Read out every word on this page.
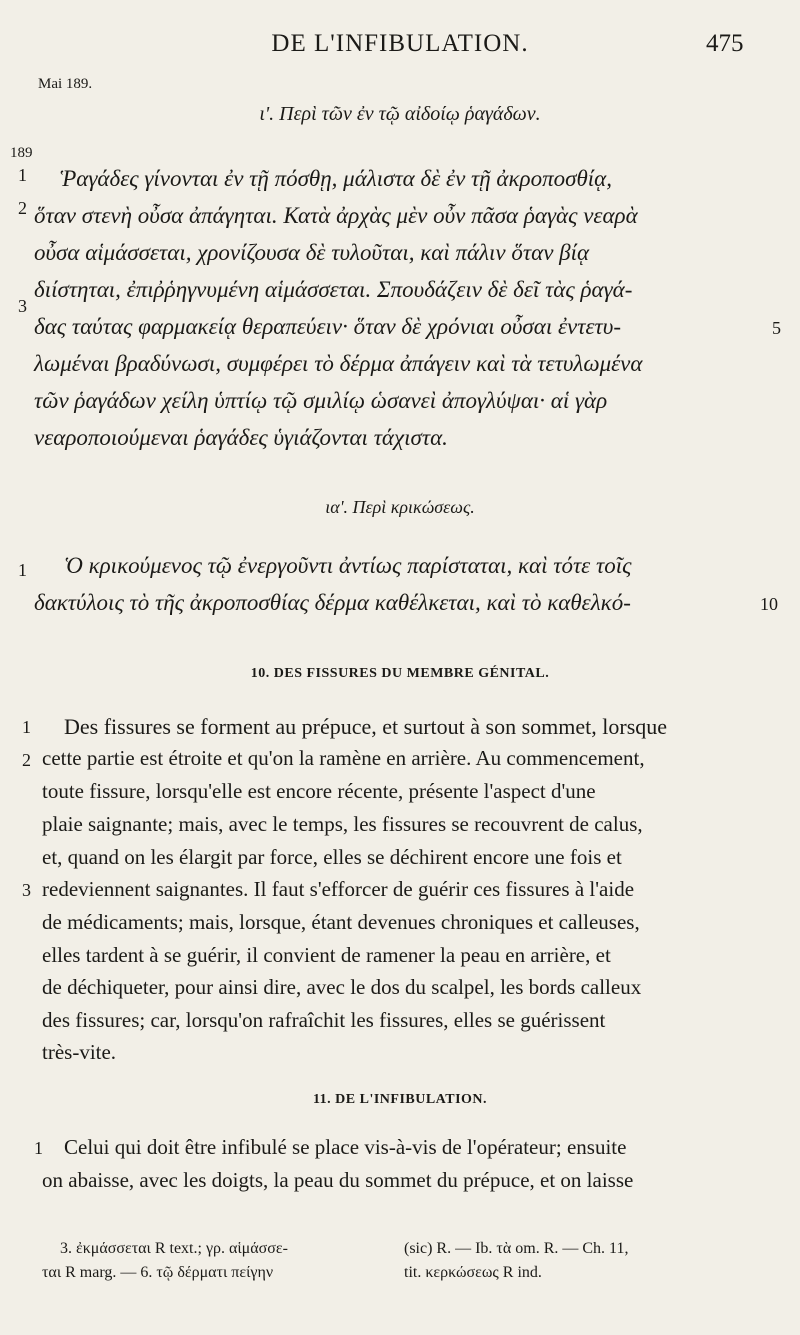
DE L'INFIBULATION.	475
Mai 189.
189
ι'. Περὶ τῶν ἐν τῷ αἰδοίῳ ῥαγάδων.
1
2
3
5
Ῥαγάδες γίνονται ἐν τῇ πόσθῃ, μάλιστα δὲ ἐν τῇ ἀκροποσθίᾳ,
ὅταν στενὴ οὖσα ἀπάγηται. Κατὰ ἀρχὰς μὲν οὖν πᾶσα ῥαγὰς νεαρὰ
οὖσα αἱμάσσεται, χρονίζουσα δὲ τυλοῦται, καὶ πάλιν ὅταν βίᾳ
διίστηται, ἐπιῤῥηγνυμένη αἱμάσσεται. Σπουδάζειν δὲ δεῖ τὰς ῥαγά-
δας ταύτας φαρμακείᾳ θεραπεύειν· ὅταν δὲ χρόνιαι οὖσαι ἐντετυ-
λωμέναι βραδύνωσι, συμφέρει τὸ δέρμα ἀπάγειν καὶ τὰ τετυλωμένα
τῶν ῥαγάδων χείλη ὑπτίῳ τῷ σμιλίῳ ὡσανεὶ ἀπογλύψαι· αἱ γὰρ
νεαροποιούμεναι ῥαγάδες ὑγιάζονται τάχιστα.
ια'. Περὶ κρικώσεως.
1 Ὁ κρικούμενος τῷ ἐνεργοῦντι ἀντίως παρίσταται, καὶ τότε τοῖς
δακτύλοις τὸ τῆς ἀκροποσθίας δέρμα καθέλκεται, καὶ τὸ καθελκό-	10
10. DES FISSURES DU MEMBRE GÉNITAL.
1
2
3
Des fissures se forment au prépuce, et surtout à son sommet, lorsque
cette partie est étroite et qu'on la ramène en arrière. Au commencement,
toute fissure, lorsqu'elle est encore récente, présente l'aspect d'une
plaie saignante; mais, avec le temps, les fissures se recouvrent de calus,
et, quand on les élargit par force, elles se déchirent encore une fois et
redeviennent saignantes. Il faut s'efforcer de guérir ces fissures à l'aide
de médicaments; mais, lorsque, étant devenues chroniques et calleuses,
elles tardent à se guérir, il convient de ramener la peau en arrière, et
de déchiqueter, pour ainsi dire, avec le dos du scalpel, les bords calleux
des fissures; car, lorsqu'on rafraîchit les fissures, elles se guérissent
très-vite.
11. DE L'INFIBULATION.
1 Celui qui doit être infibulé se place vis-à-vis de l'opérateur; ensuite
on abaisse, avec les doigts, la peau du sommet du prépuce, et on laisse
3. ἐκμάσσεται R text.; γρ. αἱμάσσε-
ται R marg. — 6. τῷ δέρματι πείγην
(sic) R. — Ib. τὰ om. R. — Ch. 11,
tit. κερκώσεως R ind.
